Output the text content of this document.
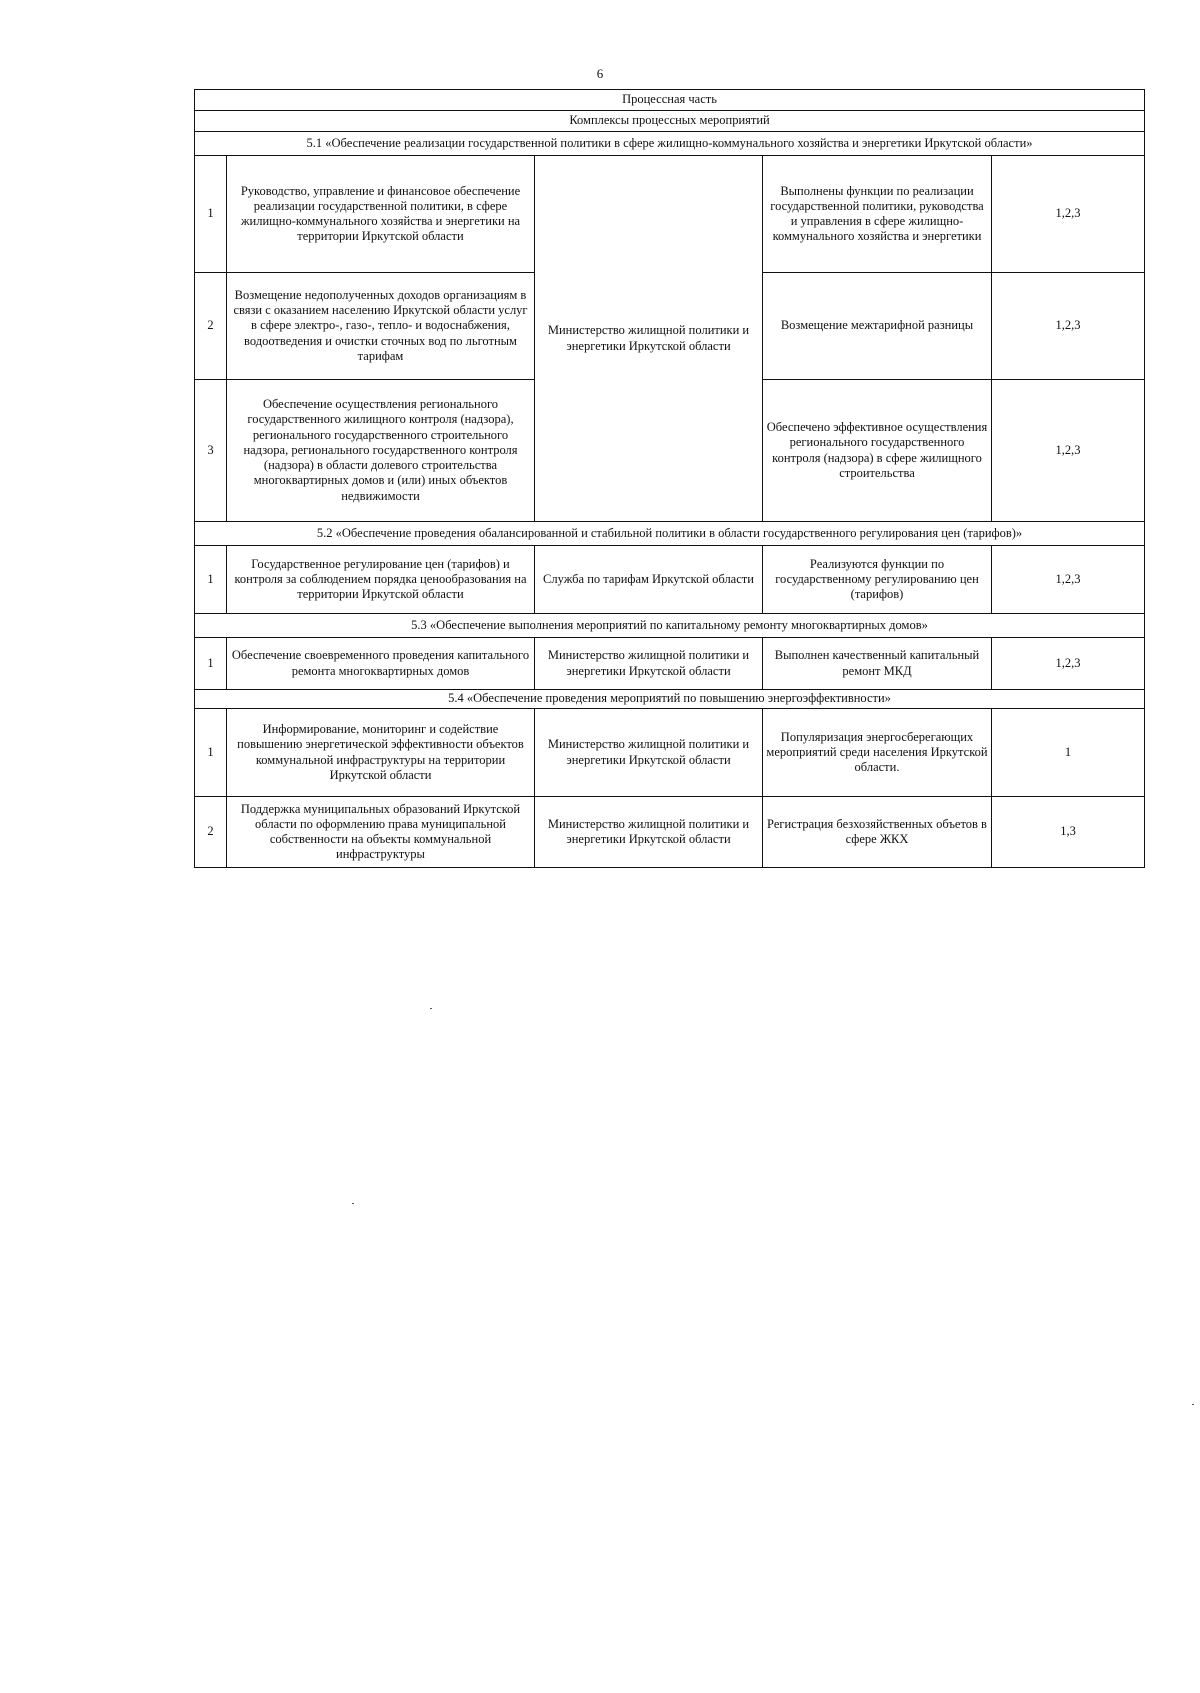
6
Процессная часть				
Комплексы процессных мероприятий				
5.1 «Обеспечение реализации государственной политики в сфере жилищно-коммунального хозяйства и энергетики Иркутской области»				
1	Руководство, управление и финансовое обеспечение реализации государственной политики, в сфере жилищно-коммунального хозяйства и энергетики на территории Иркутской области	Министерство жилищной политики и энергетики Иркутской области	Выполнены функции по реализации государственной политики, руководства и управления в сфере жилищно-коммунального хозяйства и энергетики	1,2,3
2	Возмещение недополученных доходов организациям в связи с оказанием населению Иркутской области услуг в сфере электро-, газо-, тепло- и водоснабжения, водоотведения и очистки сточных вод по льготным тарифам		Возмещение межтарифной разницы	1,2,3
3	Обеспечение осуществления регионального государственного жилищного контроля (надзора), регионального государственного строительного надзора, регионального государственного контроля (надзора) в области долевого строительства многоквартирных домов и (или) иных объектов недвижимости		Обеспечено эффективное осуществления регионального государственного контроля (надзора) в сфере жилищного строительства	1,2,3
5.2 «Обеспечение проведения обалансированной и стабильной политики в области государственного регулирования цен (тарифов)»				
1	Государственное регулирование цен (тарифов) и контроля за соблюдением порядка ценообразования на территории Иркутской области	Служба по тарифам Иркутской области	Реализуются функции по государственному регулированию цен (тарифов)	1,2,3
5.3 «Обеспечение выполнения мероприятий по капитальному ремонту многоквартирных домов»				
1	Обеспечение своевременного проведения капитального ремонта многоквартирных домов	Министерство жилищной политики и энергетики Иркутской области	Выполнен качественный капитальный ремонт МКД	1,2,3
5.4 «Обеспечение проведения мероприятий по повышению энергоэффективности»				
1	Информирование, мониторинг и содействие повышению энергетической эффективности объектов коммунальной инфраструктуры на территории Иркутской области	Министерство жилищной политики и энергетики Иркутской области	Популяризация энергосберегающих мероприятий среди населения Иркутской области.	1
2	Поддержка муниципальных образований Иркутской области по оформлению права муниципальной собственности на объекты коммунальной инфраструктуры	Министерство жилищной политики и энергетики Иркутской области	Регистрация безхозяйственных объетов в сфере ЖКХ	1,3
